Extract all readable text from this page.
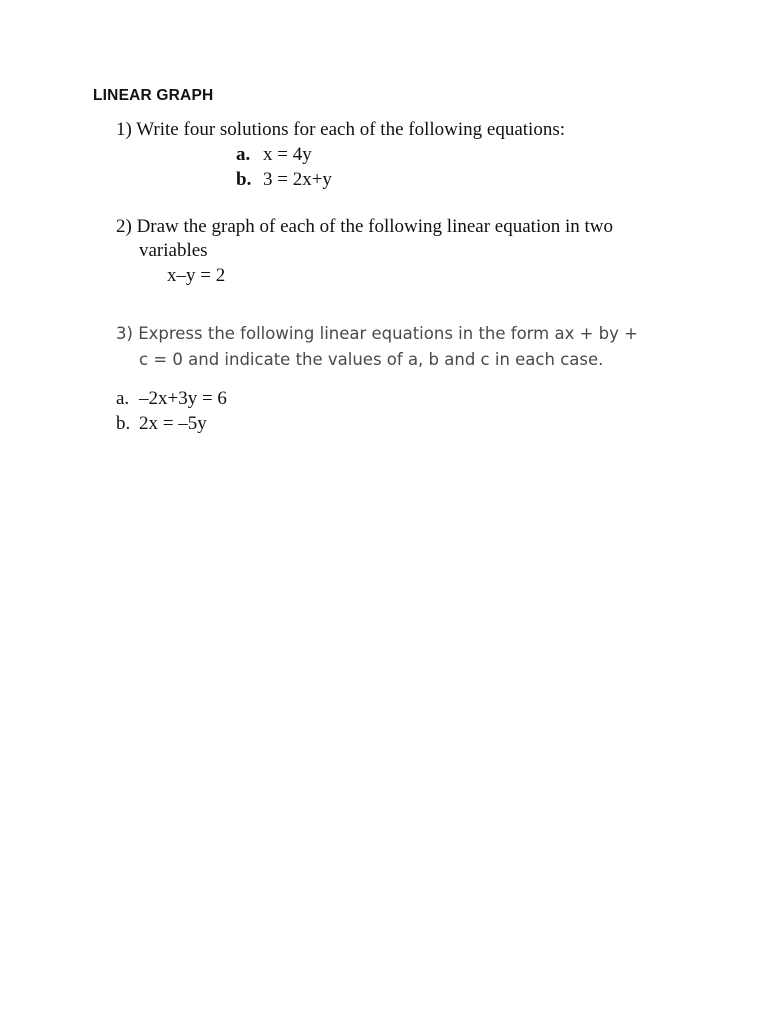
LINEAR GRAPH
1) Write four solutions for each of the following equations:
a. x = 4y
b. 3 = 2x+y
2) Draw the graph of each of the following linear equation in two
variables
x–y = 2
3) Express the following linear equations in the form ax + by +
c = 0 and indicate the values of a, b and c in each case.
a. –2x+3y = 6
b. 2x = –5y
